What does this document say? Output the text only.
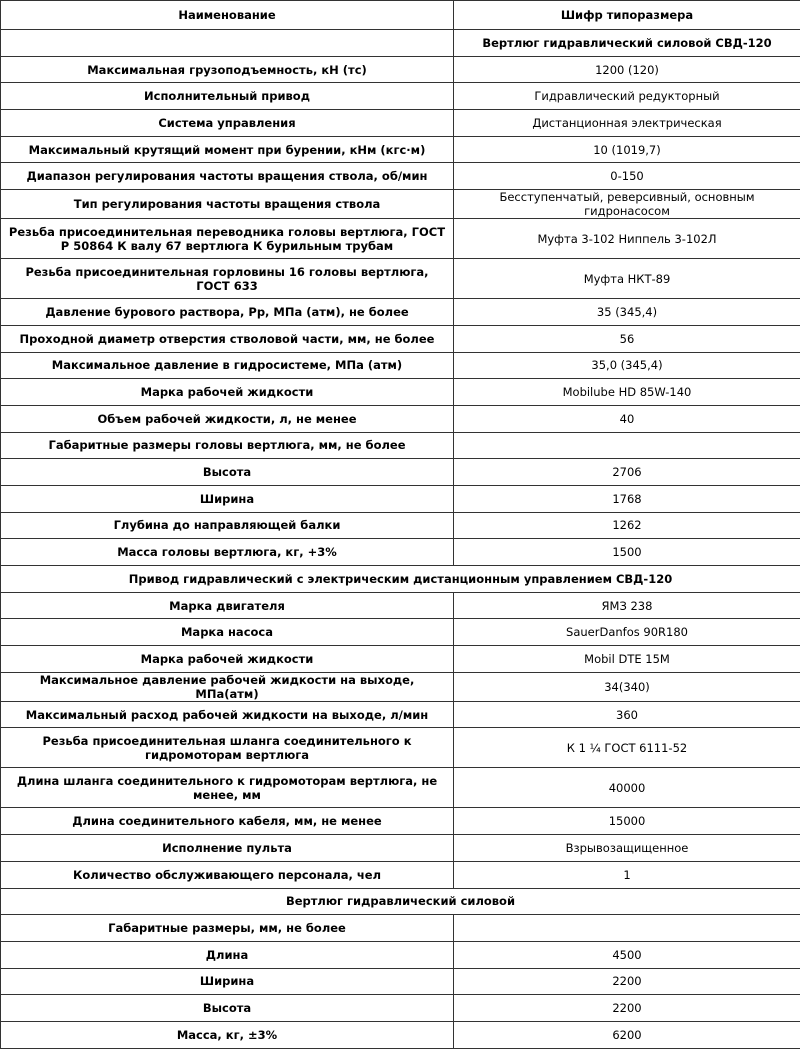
Наименование	Шифр типоразмера
	Вертлюг гидравлический силовой СВД-120
Максимальная грузоподъемность, кН (тс)	1200 (120)
Исполнительный привод	Гидравлический редукторный
Система управления	Дистанционная электрическая
Максимальный крутящий момент при бурении, кНм (кгс·м)	10 (1019,7)
Диапазон регулирования частоты вращения ствола, об/мин	0-150
Тип регулирования частоты вращения ствола	Бесступенчатый, реверсивный, основным гидронасосом
Резьба присоединительная переводника головы вертлюга, ГОСТ Р 50864 К валу 67 вертлюга К бурильным трубам	Муфта 3-102 Ниппель 3-102Л
Резьба присоединительная горловины 16 головы вертлюга, ГОСТ 633	Муфта НКТ-89
Давление бурового раствора, Рр, МПа (атм), не более	35 (345,4)
Проходной диаметр отверстия стволовой части, мм, не более	56
Максимальное давление в гидросистеме, МПа (атм)	35,0 (345,4)
Марка рабочей жидкости	Mobilube HD 85W-140
Объем рабочей жидкости, л, не менее	40
Габаритные размеры головы вертлюга, мм, не более	
Высота	2706
Ширина	1768
Глубина до направляющей балки	1262
Масса головы вертлюга, кг, +3%	1500
Привод гидравлический с электрическим дистанционным управлением СВД-120	
Марка двигателя	ЯМЗ 238
Марка насоса	SauerDanfos 90R180
Марка рабочей жидкости	Mobil DTE 15M
Максимальное давление рабочей жидкости на выходе, МПа(атм)	34(340)
Максимальный расход рабочей жидкости на выходе, л/мин	360
Резьба присоединительная шланга соединительного к гидромоторам вертлюга	К 1 ¼ ГОСТ 6111-52
Длина шланга соединительного к гидромоторам вертлюга, не менее, мм	40000
Длина соединительного кабеля, мм, не менее	15000
Исполнение пульта	Взрывозащищенное
Количество обслуживающего персонала, чел	1
Вертлюг гидравлический силовой	
Габаритные размеры, мм, не более	
Длина	4500
Ширина	2200
Высота	2200
Масса, кг, ±3%	6200
